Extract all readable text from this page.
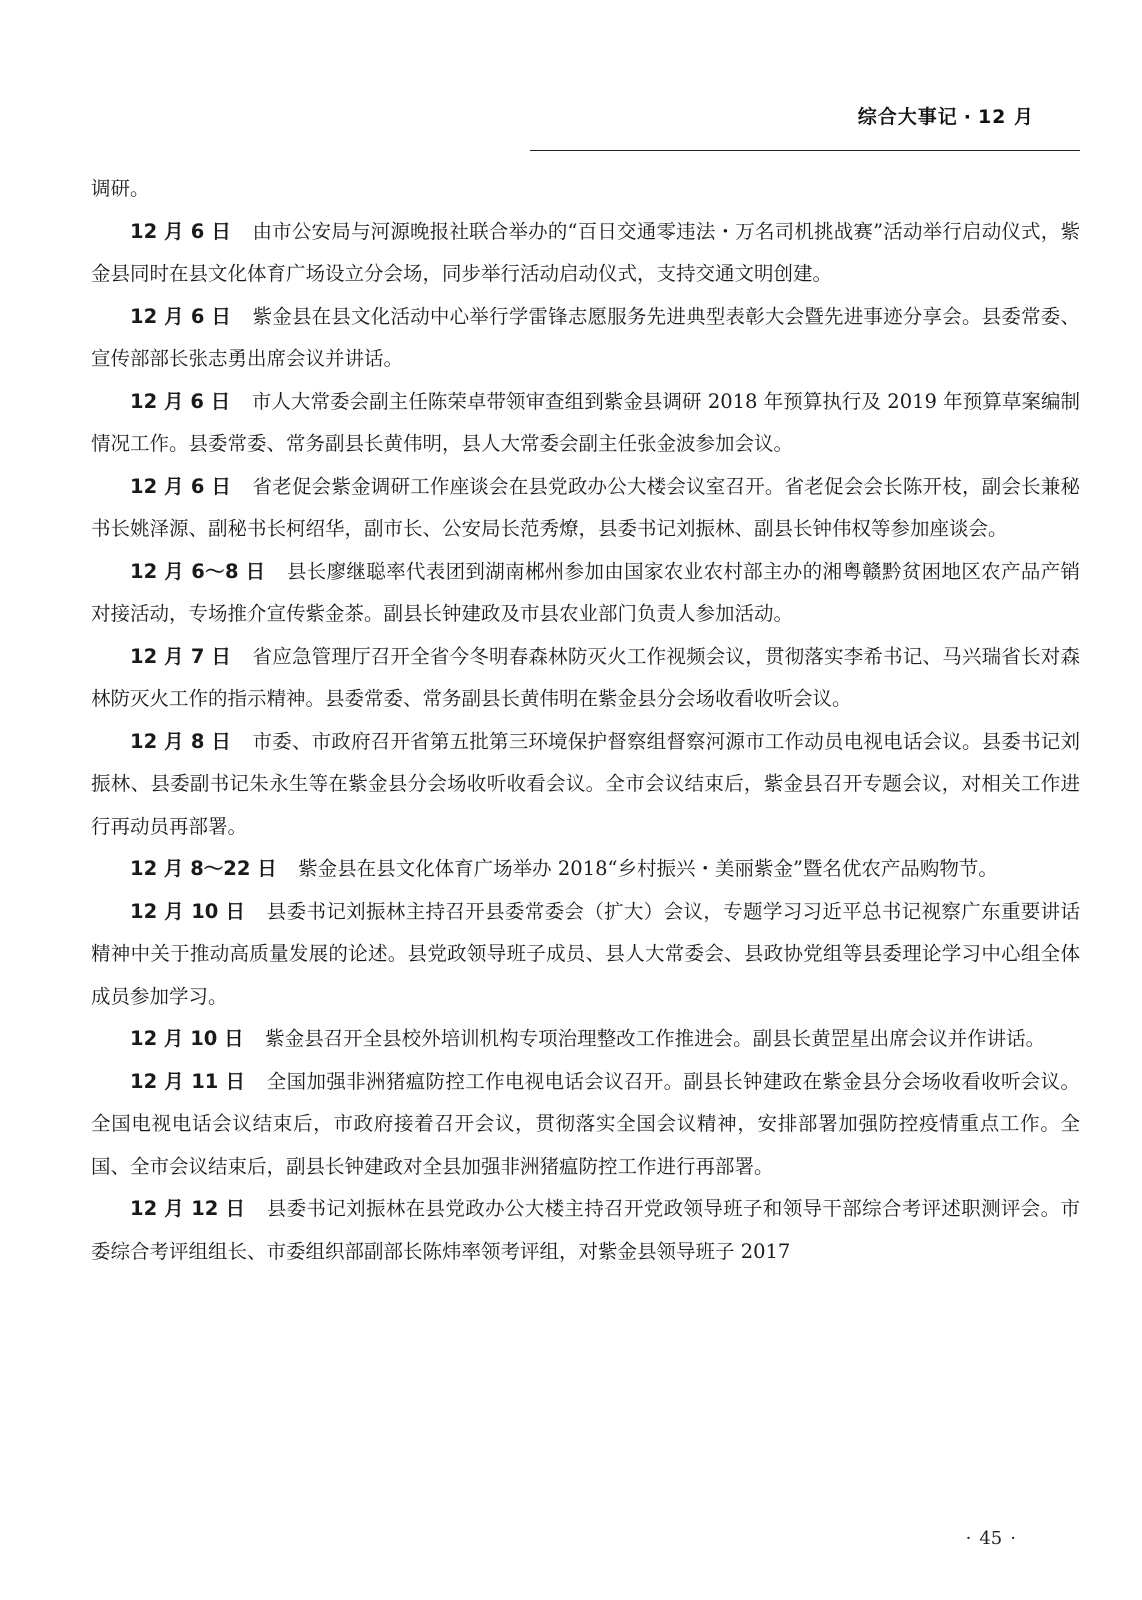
综合大事记 · 12 月

调研。

12 月 6 日 由市公安局与河源晚报社联合举办的“百日交通零违法・万名司机挑战赛”活动举行启动仪式，紫金县同时在县文化体育广场设立分会场，同步举行活动启动仪式，支持交通文明创建。

12 月 6 日 紫金县在县文化活动中心举行学雷锋志愿服务先进典型表彰大会暨先进事迹分享会。县委常委、宣传部部长张志勇出席会议并讲话。

12 月 6 日 市人大常委会副主任陈荣卓带领审查组到紫金县调研 2018 年预算执行及 2019 年预算草案编制情况工作。县委常委、常务副县长黄伟明，县人大常委会副主任张金波参加会议。

12 月 6 日 省老促会紫金调研工作座谈会在县党政办公大楼会议室召开。省老促会会长陈开枝，副会长兼秘书长姚泽源、副秘书长柯绍华，副市长、公安局长范秀燎，县委书记刘振林、副县长钟伟权等参加座谈会。

12 月 6～8 日 县长廖继聪率代表团到湖南郴州参加由国家农业农村部主办的湘粤赣黔贫困地区农产品产销对接活动，专场推介宣传紫金茶。副县长钟建政及市县农业部门负责人参加活动。

12 月 7 日 省应急管理厅召开全省今冬明春森林防灭火工作视频会议，贯彻落实李希书记、马兴瑞省长对森林防灭火工作的指示精神。县委常委、常务副县长黄伟明在紫金县分会场收看收听会议。

12 月 8 日 市委、市政府召开省第五批第三环境保护督察组督察河源市工作动员电视电话会议。县委书记刘振林、县委副书记朱永生等在紫金县分会场收听收看会议。全市会议结束后，紫金县召开专题会议，对相关工作进行再动员再部署。

12 月 8～22 日 紫金县在县文化体育广场举办 2018“乡村振兴・美丽紫金”暨名优农产品购物节。

12 月 10 日 县委书记刘振林主持召开县委常委会（扩大）会议，专题学习习近平总书记视察广东重要讲话精神中关于推动高质量发展的论述。县党政领导班子成员、县人大常委会、县政协党组等县委理论学习中心组全体成员参加学习。

12 月 10 日 紫金县召开全县校外培训机构专项治理整改工作推进会。副县长黄罡星出席会议并作讲话。

12 月 11 日 全国加强非洲猪瘟防控工作电视电话会议召开。副县长钟建政在紫金县分会场收看收听会议。全国电视电话会议结束后，市政府接着召开会议，贯彻落实全国会议精神，安排部署加强防控疫情重点工作。全国、全市会议结束后，副县长钟建政对全县加强非洲猪瘟防控工作进行再部署。

12 月 12 日 县委书记刘振林在县党政办公大楼主持召开党政领导班子和领导干部综合考评述职测评会。市委综合考评组组长、市委组织部副部长陈炜率领考评组，对紫金县领导班子 2017

· 45 ·
